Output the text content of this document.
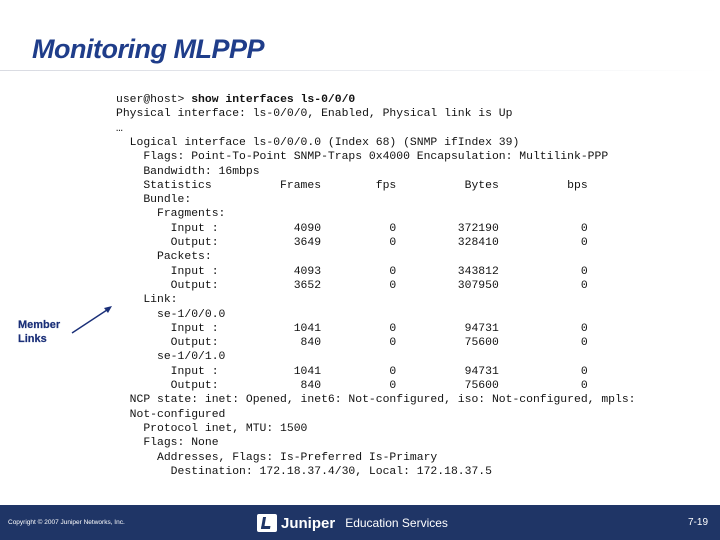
Monitoring MLPPP
user@host> show interfaces ls-0/0/0
Physical interface: ls-0/0/0, Enabled, Physical link is Up
…
Logical interface ls-0/0/0.0 (Index 68) (SNMP ifIndex 39)
Flags: Point-To-Point SNMP-Traps 0x4000 Encapsulation: Multilink-PPP
Bandwidth: 16mbps
Statistics          Frames        fps          Bytes          bps
Bundle:
Fragments:
Input :           4090          0         372190            0
Output:           3649          0         328410            0
Packets:
Input :           4093          0         343812            0
Output:           3652          0         307950            0
Link:
se-1/0/0.0
Input :           1041          0          94731            0
Output:            840          0          75600            0
se-1/0/1.0
Input :           1041          0          94731            0
Output:            840          0          75600            0
NCP state: inet: Opened, inet6: Not-configured, iso: Not-configured, mpls:
Not-configured
Protocol inet, MTU: 1500
Flags: None
Addresses, Flags: Is-Preferred Is-Primary
Destination: 172.18.37.4/30, Local: 172.18.37.5
Member
Links
Copyright © 2007 Juniper Networks, Inc.	Juniper Education Services	7-19
